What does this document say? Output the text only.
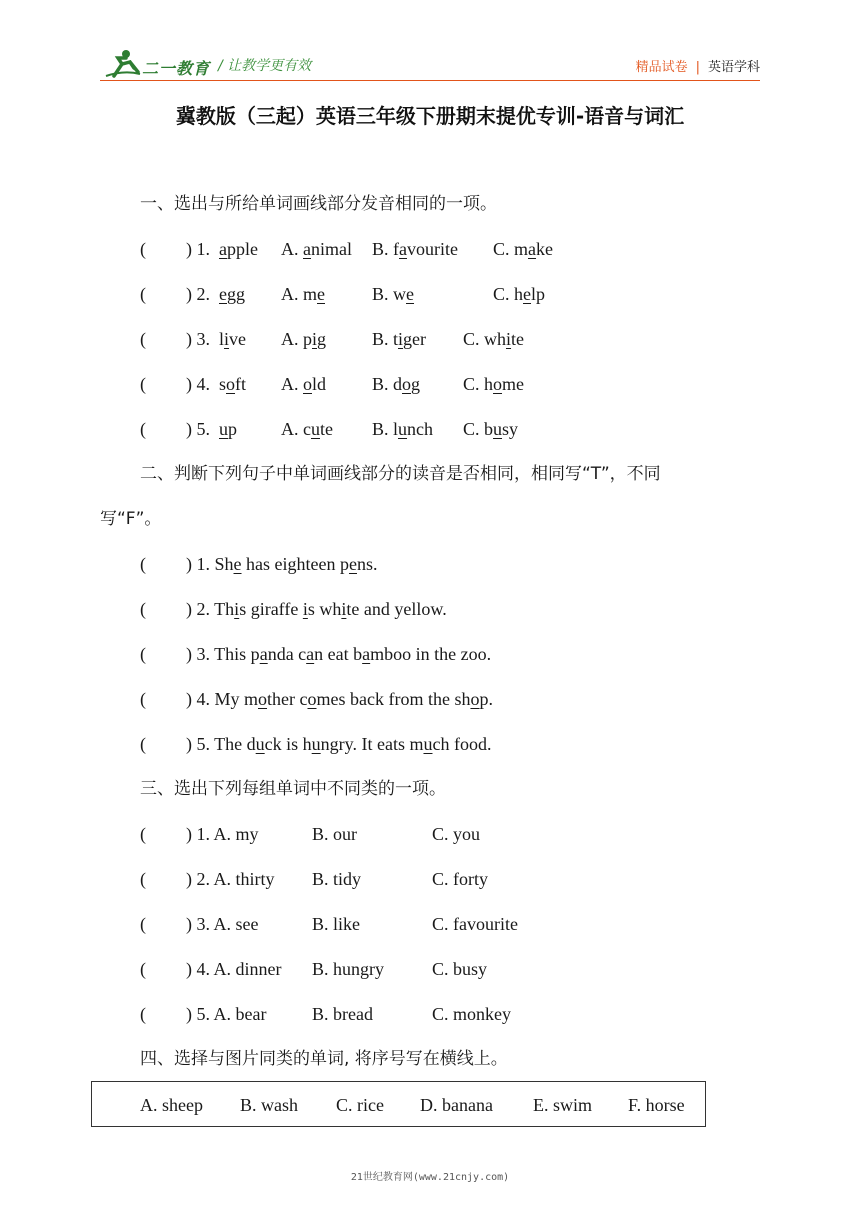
二一教育 / 让教学更有效	精品试卷 | 英语学科
冀教版（三起）英语三年级下册期末提优专训-语音与词汇
一、选出与所给单词画线部分发音相同的一项。
( ) 1. apple A. animal B. favourite C. make
( ) 2. egg A. me	B. we	C. help
( ) 3. live A. pig	B. tiger C. white
( ) 4. soft A. old	B. dog C. home
( ) 5. up A. cute B. lunch C. busy
二、判断下列句子中单词画线部分的读音是否相同，相同写“T”，不同
写“F”。
( ) 1. She has eighteen pens.
( ) 2. This giraffe is white and yellow.
( ) 3. This panda can eat bamboo in the zoo.
( ) 4. My mother comes back from the shop.
( ) 5. The duck is hungry. It eats much food.
三、选出下列每组单词中不同类的一项。
( ) 1. A. my	B. our	C. you
( ) 2. A. thirty B. tidy	C. forty
( ) 3. A. see	B. like	C. favourite
( ) 4. A. dinner B. hungry	C. busy
( ) 5. A. bear	B. bread	C. monkey
四、选择与图片同类的单词, 将序号写在横线上。
A. sheep B. wash C. rice D. banana E. swim F. horse
21世纪教育网(www.21cnjy.com)
